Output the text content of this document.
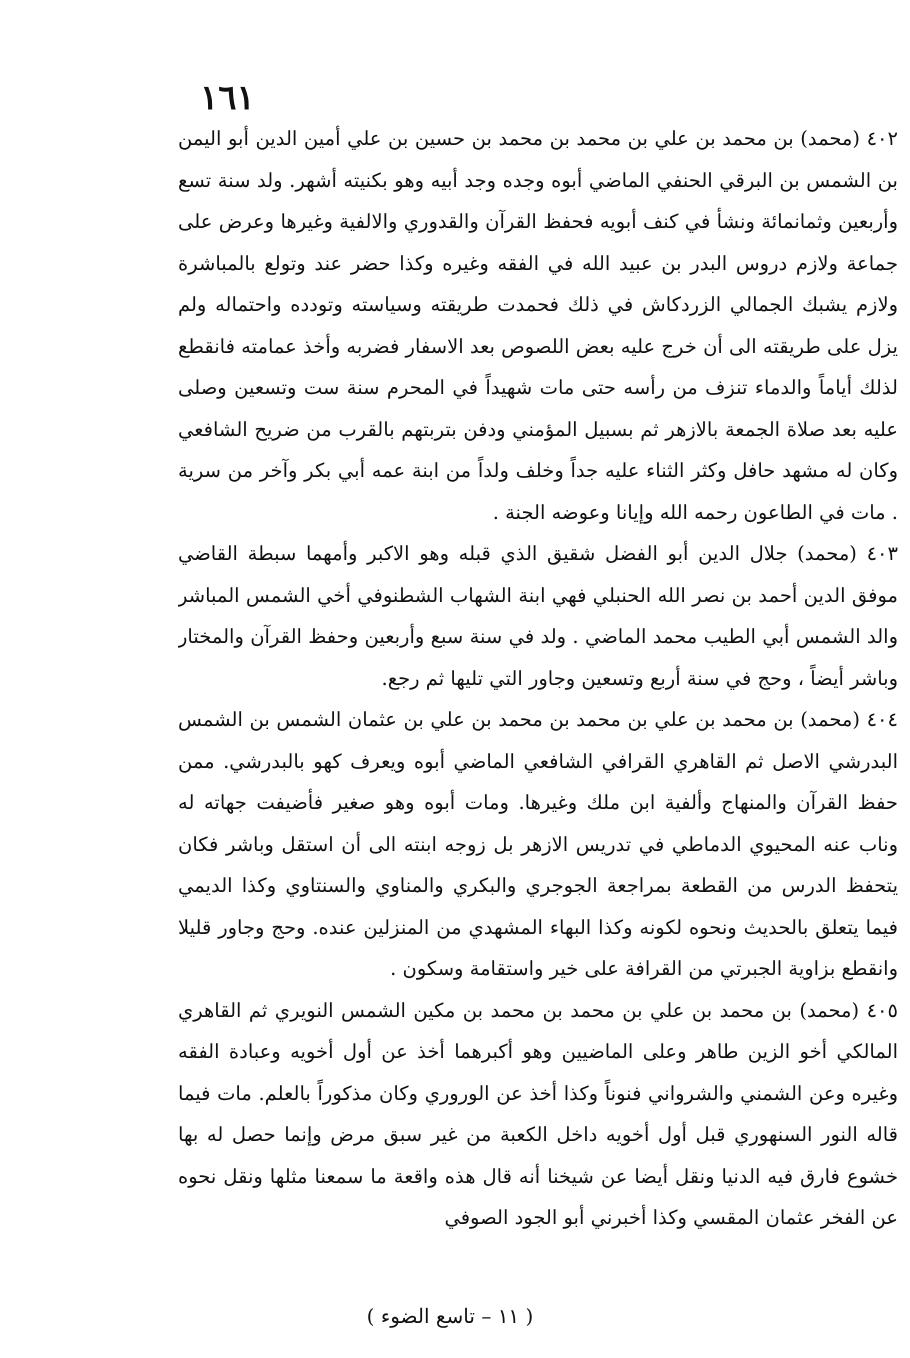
١٦١

٤٠٢ (محمد) بن محمد بن علي بن محمد بن محمد بن حسين بن علي أمين الدين أبو اليمن بن الشمس بن البرقي الحنفي الماضي أبوه وجده وجد أبيه وهو بكنيته أشهر. ولد سنة تسع وأربعين وثمانمائة ونشأ في كنف أبويه فحفظ القرآن والقدوري والالفية وغيرها وعرض على جماعة ولازم دروس البدر بن عبيد الله في الفقه وغيره وكذا حضر عند وتولع بالمباشرة ولازم يشبك الجمالي الزردكاش في ذلك فحمدت طريقته وسياسته وتودده واحتماله ولم يزل على طريقته الى أن خرج عليه بعض اللصوص بعد الاسفار فضربه وأخذ عمامته فانقطع لذلك أياماً والدماء تنزف من رأسه حتى مات شهيداً في المحرم سنة ست وتسعين وصلى عليه بعد صلاة الجمعة بالازهر ثم بسبيل المؤمني ودفن بتربتهم بالقرب من ضريح الشافعي وكان له مشهد حافل وكثر الثناء عليه جداً وخلف ولداً من ابنة عمه أبي بكر وآخر من سرية . مات في الطاعون رحمه الله وإيانا وعوضه الجنة .

٤٠٣ (محمد) جلال الدين أبو الفضل شقيق الذي قبله وهو الاكبر وأمهما سبطة القاضي موفق الدين أحمد بن نصر الله الحنبلي فهي ابنة الشهاب الشطنوفي أخي الشمس المباشر والد الشمس أبي الطيب محمد الماضي . ولد في سنة سبع وأربعين وحفظ القرآن والمختار وباشر أيضاً ، وحج في سنة أربع وتسعين وجاور التي تليها ثم رجع.

٤٠٤ (محمد) بن محمد بن علي بن محمد بن محمد بن علي بن عثمان الشمس بن الشمس البدرشي الاصل ثم القاهري القرافي الشافعي الماضي أبوه ويعرف كهو بالبدرشي. ممن حفظ القرآن والمنهاج وألفية ابن ملك وغيرها. ومات أبوه وهو صغير فأضيفت جهاته له وناب عنه المحيوي الدماطي في تدريس الازهر بل زوجه ابنته الى أن استقل وباشر فكان يتحفظ الدرس من القطعة بمراجعة الجوجري والبكري والمناوي والسنتاوي وكذا الديمي فيما يتعلق بالحديث ونحوه لكونه وكذا البهاء المشهدي من المنزلين عنده. وحج وجاور قليلا وانقطع بزاوية الجبرتي من القرافة على خير واستقامة وسكون .

٤٠٥ (محمد) بن محمد بن علي بن محمد بن محمد بن مكين الشمس النويري ثم القاهري المالكي أخو الزين طاهر وعلى الماضيين وهو أكبرهما أخذ عن أول أخويه وعبادة الفقه وغيره وعن الشمني والشرواني فنوناً وكذا أخذ عن الوروري وكان مذكوراً بالعلم. مات فيما قاله النور السنهوري قبل أول أخويه داخل الكعبة من غير سبق مرض وإنما حصل له بها خشوع فارق فيه الدنيا ونقل أيضا عن شيخنا أنه قال هذه واقعة ما سمعنا مثلها ونقل نحوه عن الفخر عثمان المقسي وكذا أخبرني أبو الجود الصوفي

( ١١ – تاسع الضوء )
